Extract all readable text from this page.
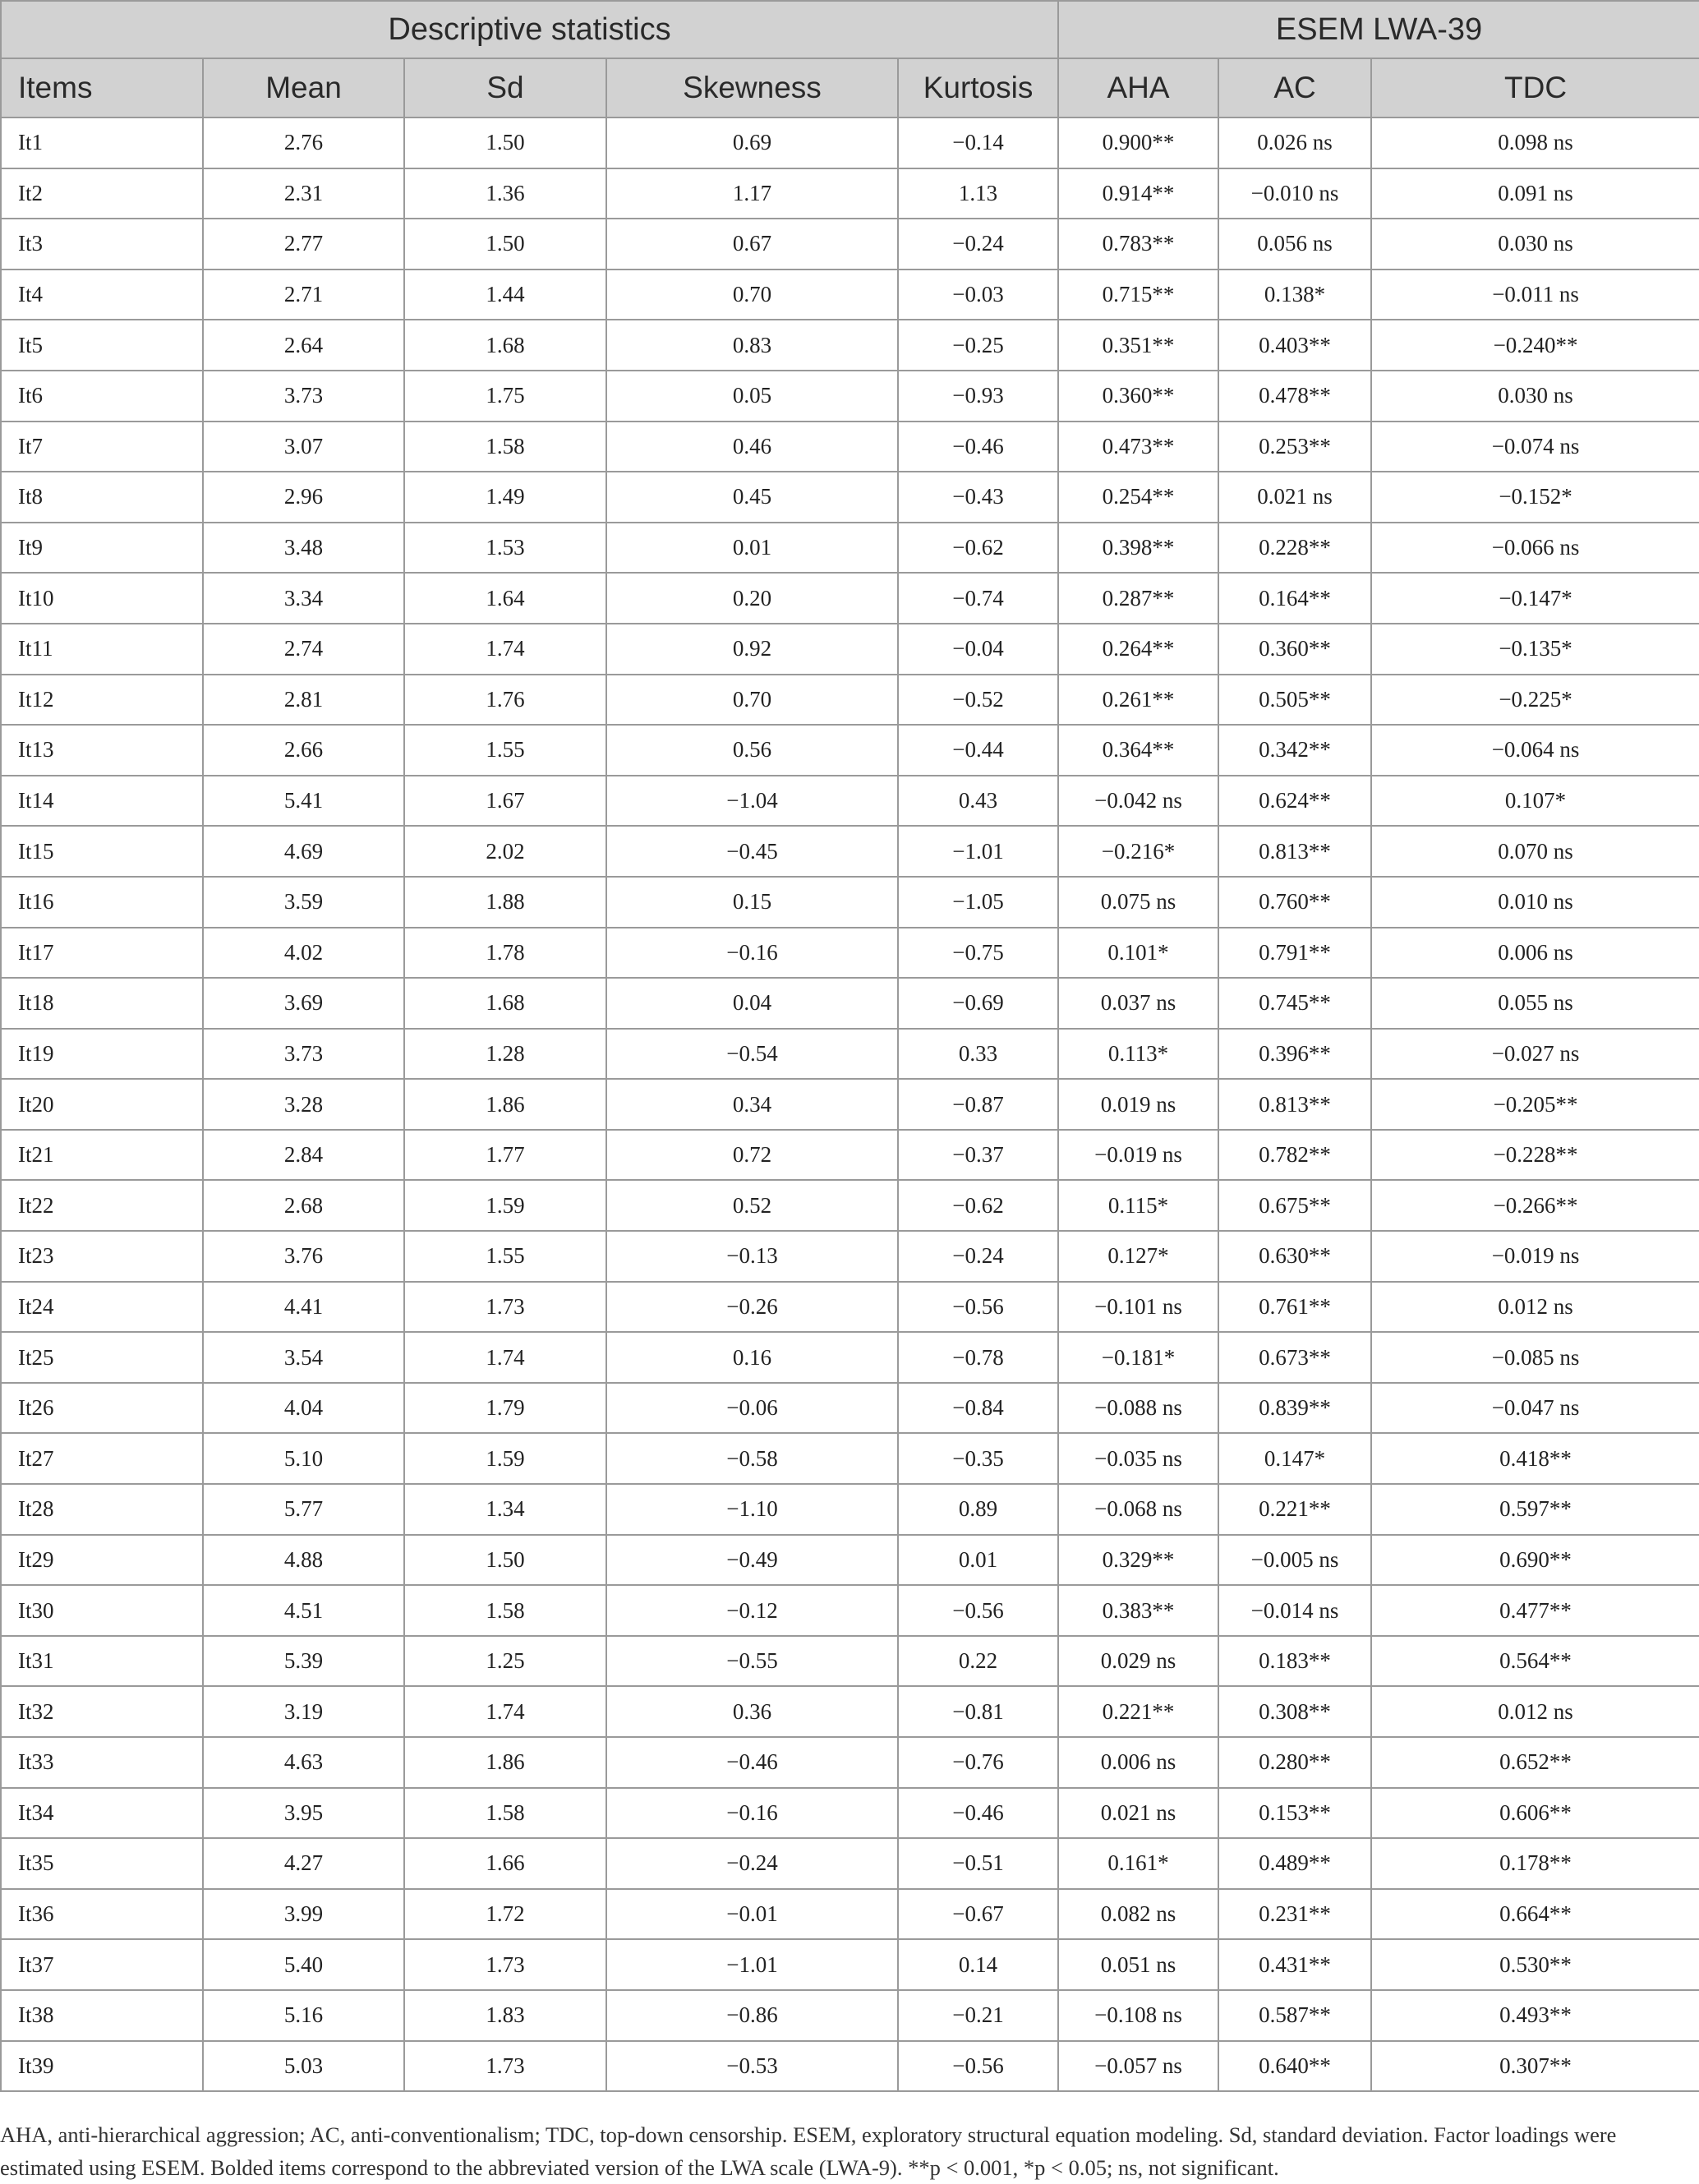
Descriptive statistics					ESEM LWA-39		
Items	Mean	Sd	Skewness	Kurtosis	AHA	AC	TDC
It1	2.76	1.50	0.69	−0.14	0.900**	0.026 ns	0.098 ns
It2	2.31	1.36	1.17	1.13	0.914**	−0.010 ns	0.091 ns
It3	2.77	1.50	0.67	−0.24	0.783**	0.056 ns	0.030 ns
It4	2.71	1.44	0.70	−0.03	0.715**	0.138*	−0.011 ns
It5	2.64	1.68	0.83	−0.25	0.351**	0.403**	−0.240**
It6	3.73	1.75	0.05	−0.93	0.360**	0.478**	0.030 ns
It7	3.07	1.58	0.46	−0.46	0.473**	0.253**	−0.074 ns
It8	2.96	1.49	0.45	−0.43	0.254**	0.021 ns	−0.152*
It9	3.48	1.53	0.01	−0.62	0.398**	0.228**	−0.066 ns
It10	3.34	1.64	0.20	−0.74	0.287**	0.164**	−0.147*
It11	2.74	1.74	0.92	−0.04	0.264**	0.360**	−0.135*
It12	2.81	1.76	0.70	−0.52	0.261**	0.505**	−0.225*
It13	2.66	1.55	0.56	−0.44	0.364**	0.342**	−0.064 ns
It14	5.41	1.67	−1.04	0.43	−0.042 ns	0.624**	0.107*
It15	4.69	2.02	−0.45	−1.01	−0.216*	0.813**	0.070 ns
It16	3.59	1.88	0.15	−1.05	0.075 ns	0.760**	0.010 ns
It17	4.02	1.78	−0.16	−0.75	0.101*	0.791**	0.006 ns
It18	3.69	1.68	0.04	−0.69	0.037 ns	0.745**	0.055 ns
It19	3.73	1.28	−0.54	0.33	0.113*	0.396**	−0.027 ns
It20	3.28	1.86	0.34	−0.87	0.019 ns	0.813**	−0.205**
It21	2.84	1.77	0.72	−0.37	−0.019 ns	0.782**	−0.228**
It22	2.68	1.59	0.52	−0.62	0.115*	0.675**	−0.266**
It23	3.76	1.55	−0.13	−0.24	0.127*	0.630**	−0.019 ns
It24	4.41	1.73	−0.26	−0.56	−0.101 ns	0.761**	0.012 ns
It25	3.54	1.74	0.16	−0.78	−0.181*	0.673**	−0.085 ns
It26	4.04	1.79	−0.06	−0.84	−0.088 ns	0.839**	−0.047 ns
It27	5.10	1.59	−0.58	−0.35	−0.035 ns	0.147*	0.418**
It28	5.77	1.34	−1.10	0.89	−0.068 ns	0.221**	0.597**
It29	4.88	1.50	−0.49	0.01	0.329**	−0.005 ns	0.690**
It30	4.51	1.58	−0.12	−0.56	0.383**	−0.014 ns	0.477**
It31	5.39	1.25	−0.55	0.22	0.029 ns	0.183**	0.564**
It32	3.19	1.74	0.36	−0.81	0.221**	0.308**	0.012 ns
It33	4.63	1.86	−0.46	−0.76	0.006 ns	0.280**	0.652**
It34	3.95	1.58	−0.16	−0.46	0.021 ns	0.153**	0.606**
It35	4.27	1.66	−0.24	−0.51	0.161*	0.489**	0.178**
It36	3.99	1.72	−0.01	−0.67	0.082 ns	0.231**	0.664**
It37	5.40	1.73	−1.01	0.14	0.051 ns	0.431**	0.530**
It38	5.16	1.83	−0.86	−0.21	−0.108 ns	0.587**	0.493**
It39	5.03	1.73	−0.53	−0.56	−0.057 ns	0.640**	0.307**

AHA, anti-hierarchical aggression; AC, anti-conventionalism; TDC, top-down censorship. ESEM, exploratory structural equation modeling. Sd, standard deviation. Factor loadings were

estimated using ESEM. Bolded items correspond to the abbreviated version of the LWA scale (LWA-9). **p < 0.001, *p < 0.05; ns, not significant.
